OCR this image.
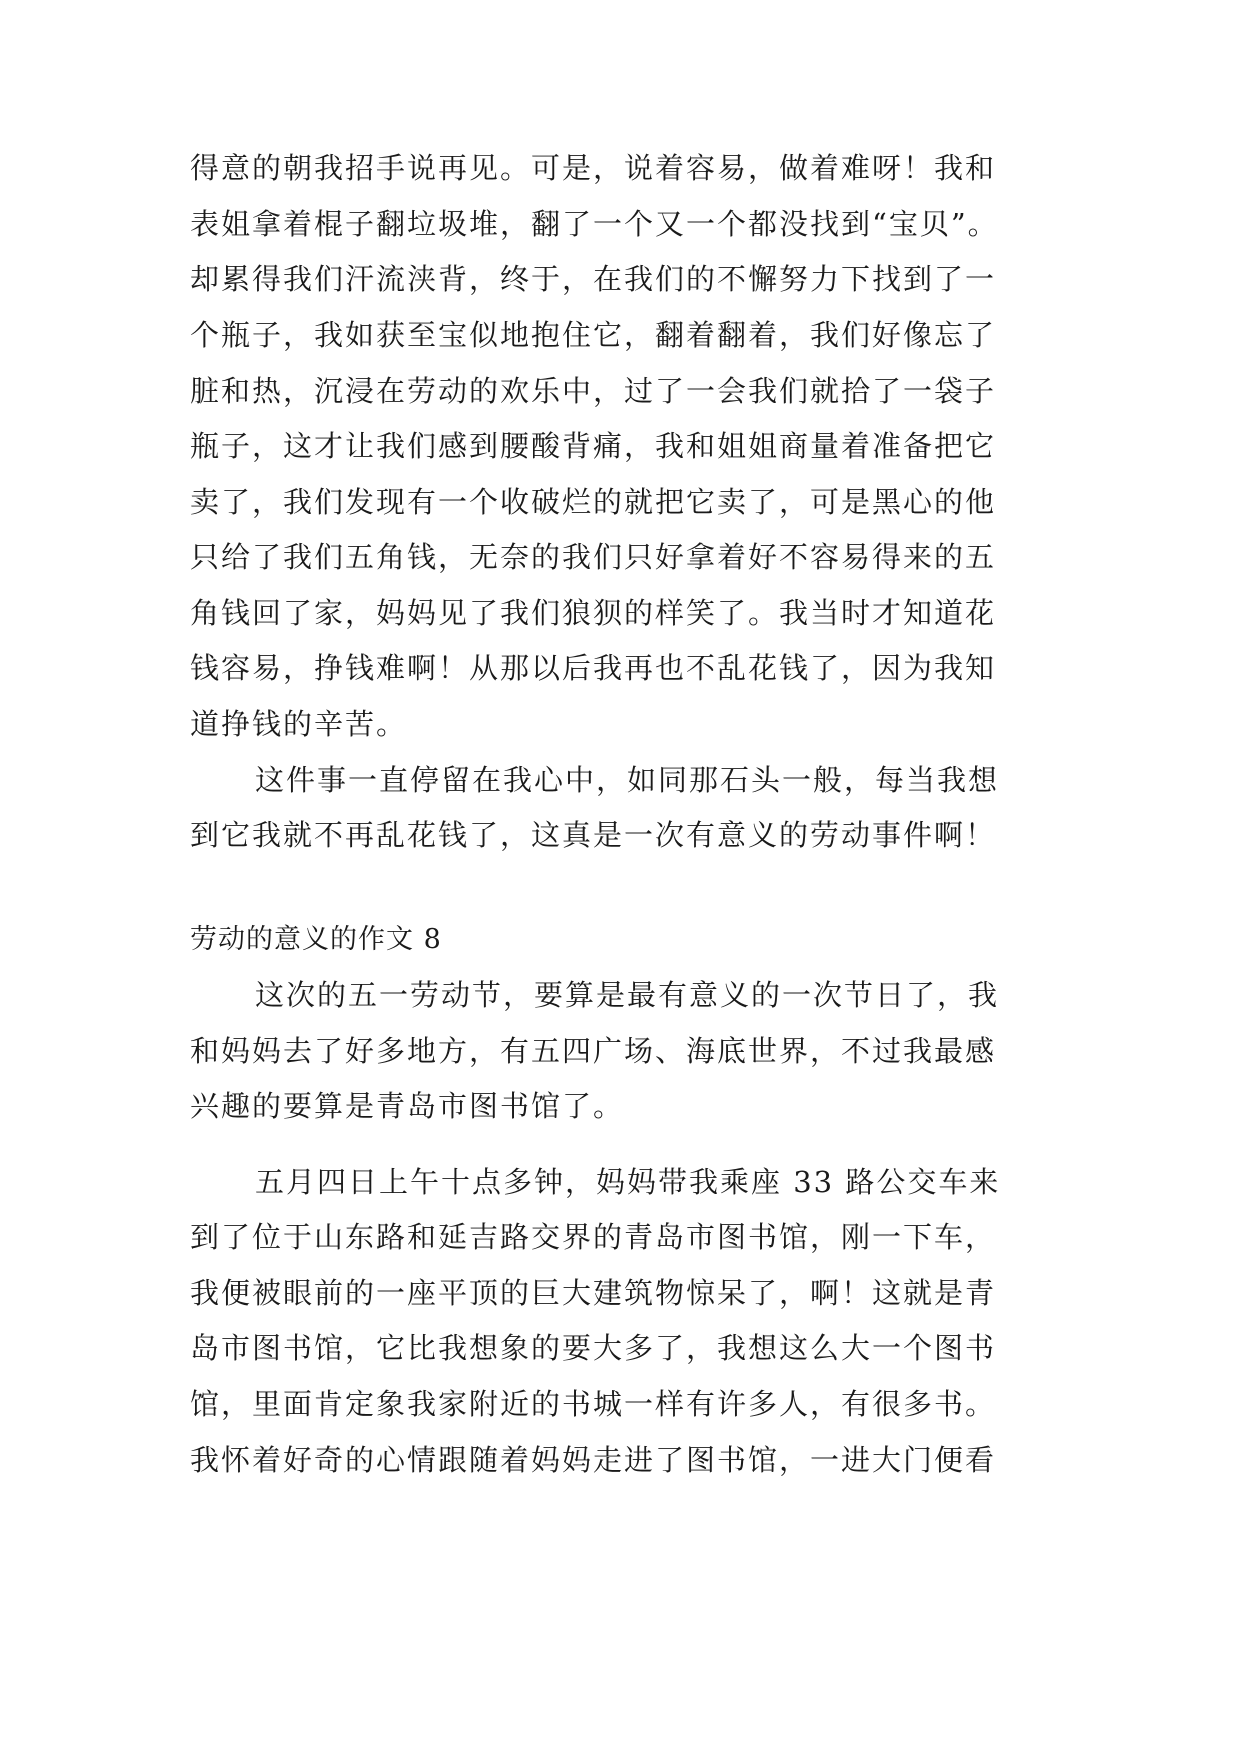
得意的朝我招手说再见。可是，说着容易，做着难呀！我和
表姐拿着棍子翻垃圾堆，翻了一个又一个都没找到“宝贝”。
却累得我们汗流浃背，终于，在我们的不懈努力下找到了一
个瓶子，我如获至宝似地抱住它，翻着翻着，我们好像忘了
脏和热，沉浸在劳动的欢乐中，过了一会我们就拾了一袋子
瓶子，这才让我们感到腰酸背痛，我和姐姐商量着准备把它
卖了，我们发现有一个收破烂的就把它卖了，可是黑心的他
只给了我们五角钱，无奈的我们只好拿着好不容易得来的五
角钱回了家，妈妈见了我们狼狈的样笑了。我当时才知道花
钱容易，挣钱难啊！从那以后我再也不乱花钱了，因为我知
道挣钱的辛苦。
这件事一直停留在我心中，如同那石头一般，每当我想
到它我就不再乱花钱了，这真是一次有意义的劳动事件啊！
劳动的意义的作文 8
这次的五一劳动节，要算是最有意义的一次节日了，我
和妈妈去了好多地方，有五四广场、海底世界，不过我最感
兴趣的要算是青岛市图书馆了。
五月四日上午十点多钟，妈妈带我乘座 33 路公交车来
到了位于山东路和延吉路交界的青岛市图书馆，刚一下车，
我便被眼前的一座平顶的巨大建筑物惊呆了，啊！这就是青
岛市图书馆，它比我想象的要大多了，我想这么大一个图书
馆，里面肯定象我家附近的书城一样有许多人，有很多书。
我怀着好奇的心情跟随着妈妈走进了图书馆，一进大门便看
